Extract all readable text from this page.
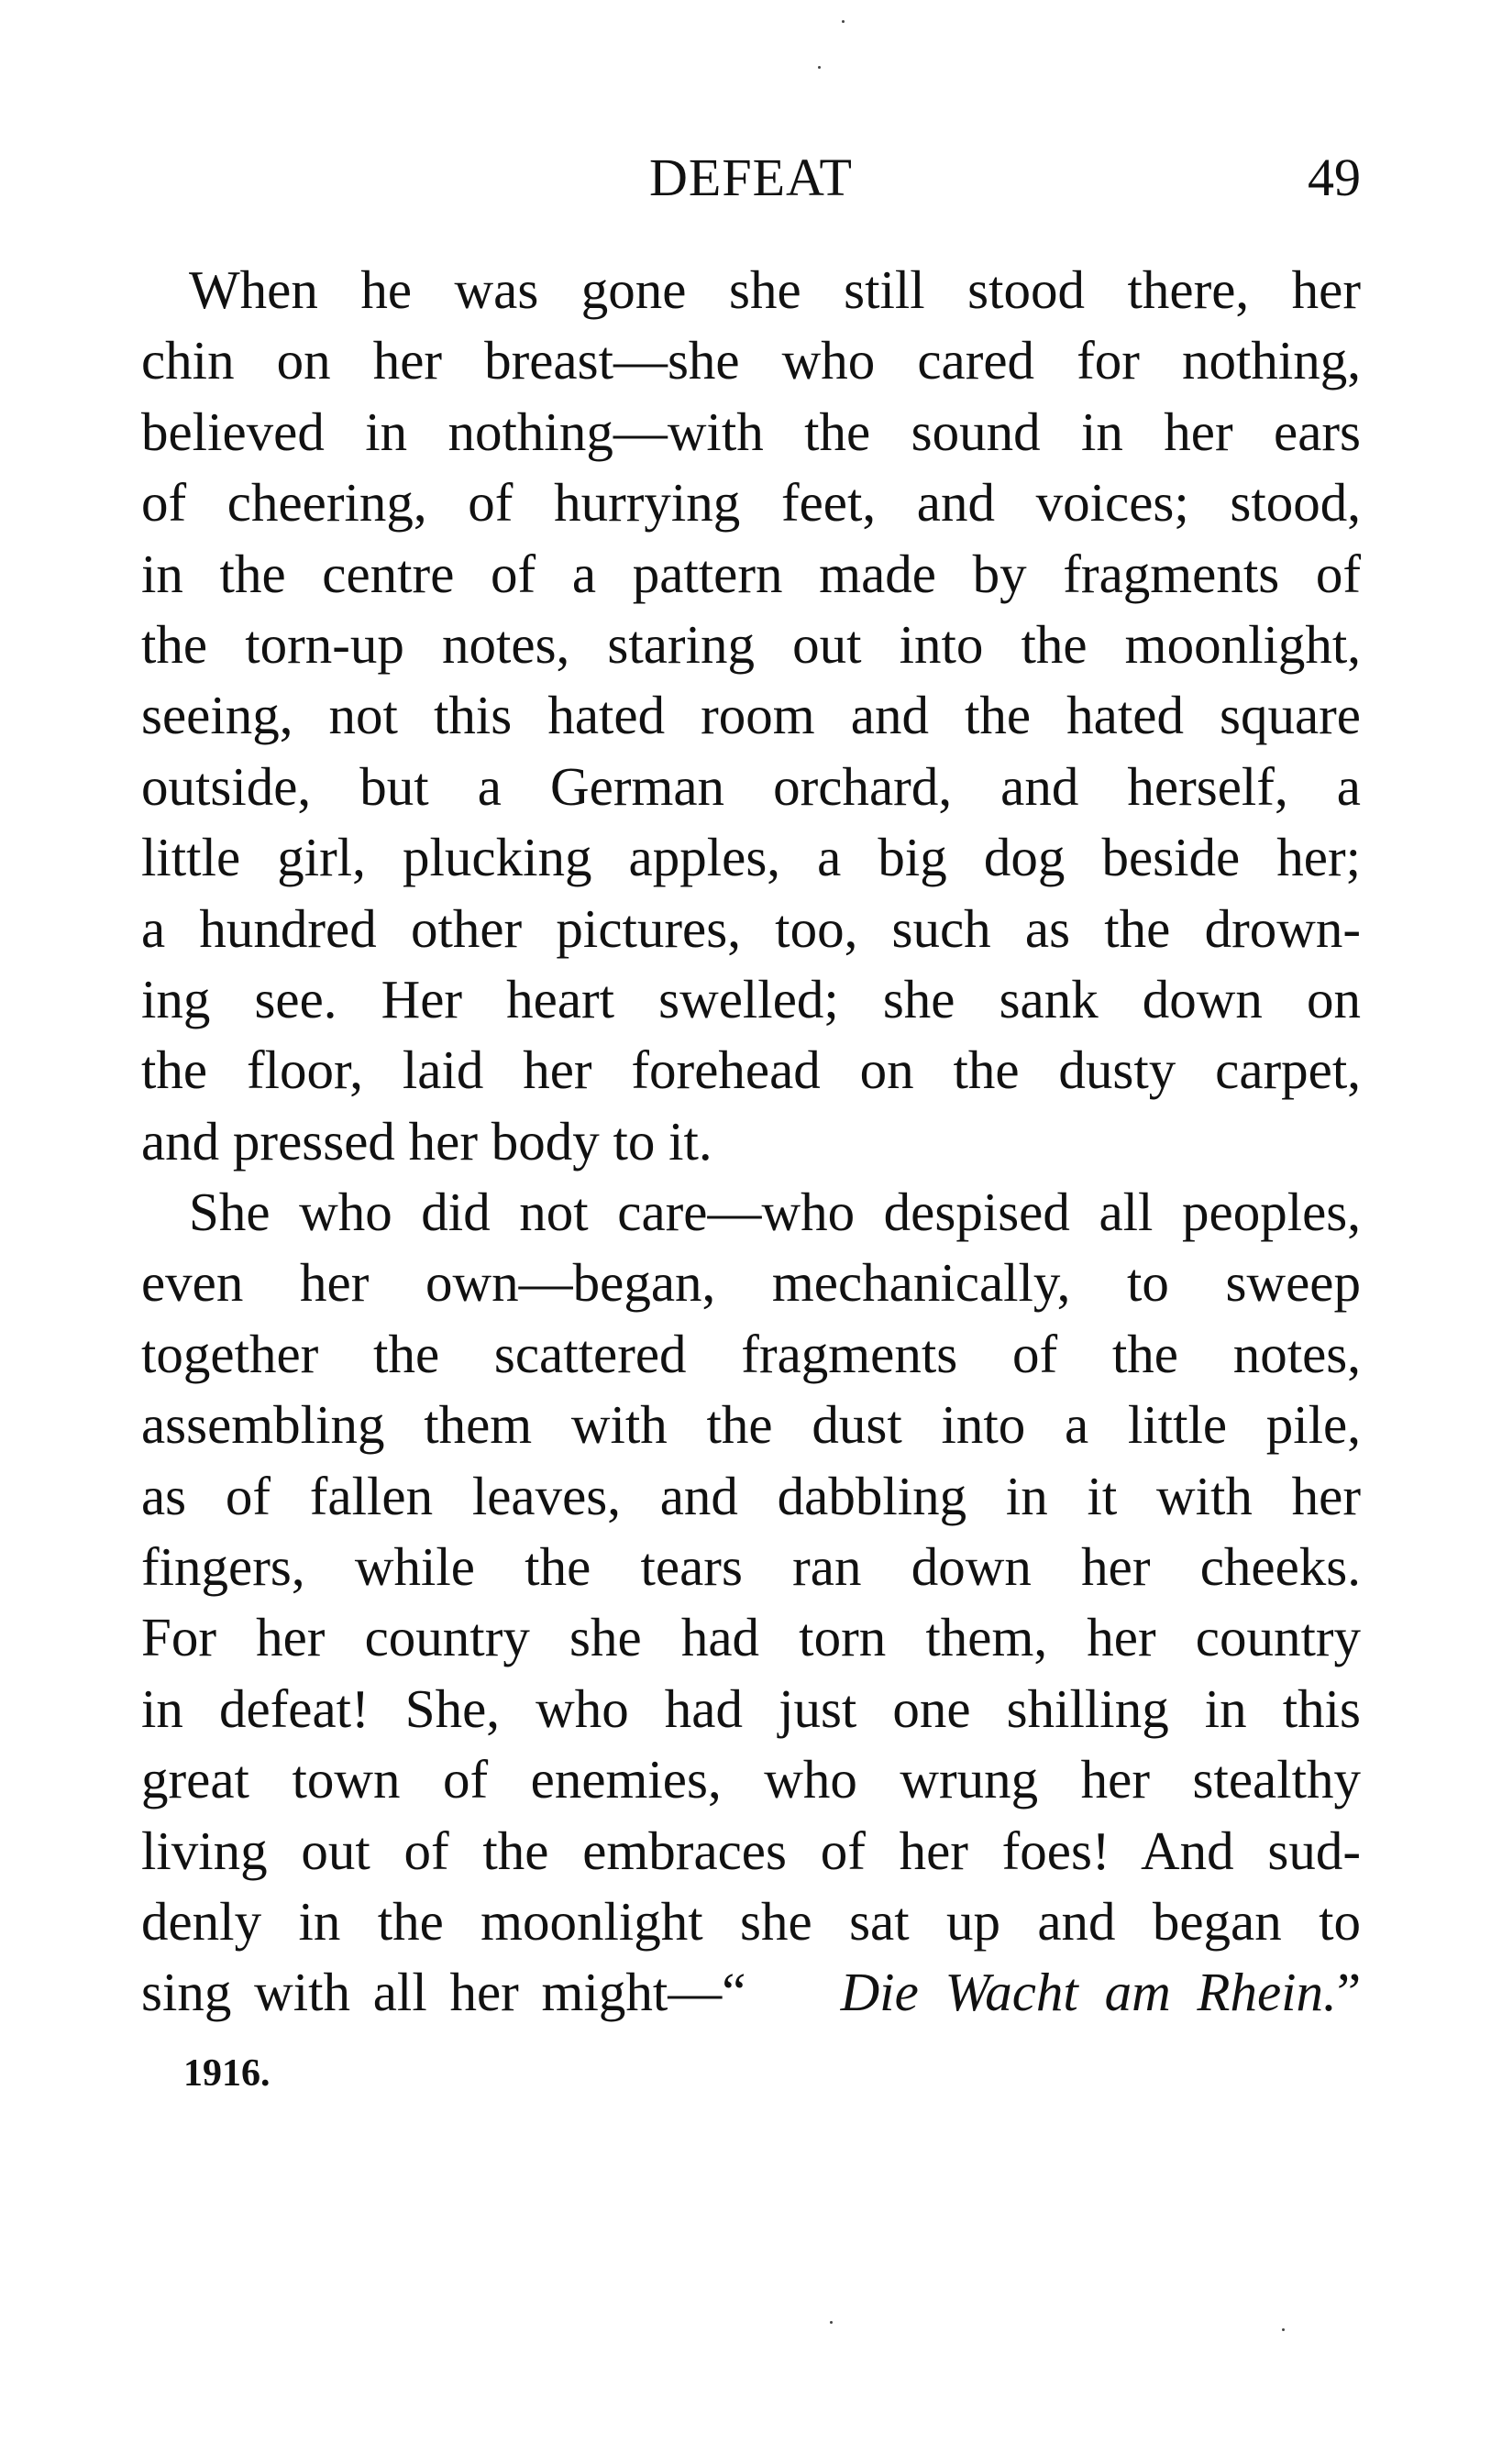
DEFEAT	49
When he was gone she still stood there, her
chin on her breast—she who cared for nothing,
believed in nothing—with the sound in her ears
of cheering, of hurrying feet, and voices; stood,
in the centre of a pattern made by fragments of
the torn-up notes, staring out into the moonlight,
seeing, not this hated room and the hated square
outside, but a German orchard, and herself, a
little girl, plucking apples, a big dog beside her;
a hundred other pictures, too, such as the drown-
ing see. Her heart swelled; she sank down on
the floor, laid her forehead on the dusty carpet,
and pressed her body to it.
She who did not care—who despised all peoples,
even her own—began, mechanically, to sweep
together the scattered fragments of the notes,
assembling them with the dust into a little pile,
as of fallen leaves, and dabbling in it with her
fingers, while the tears ran down her cheeks.
For her country she had torn them, her country
in defeat! She, who had just one shilling in this
great town of enemies, who wrung her stealthy
living out of the embraces of her foes! And sud-
denly in the moonlight she sat up and began to
sing with all her might—“ Die Wacht am Rhein.”
1916.
